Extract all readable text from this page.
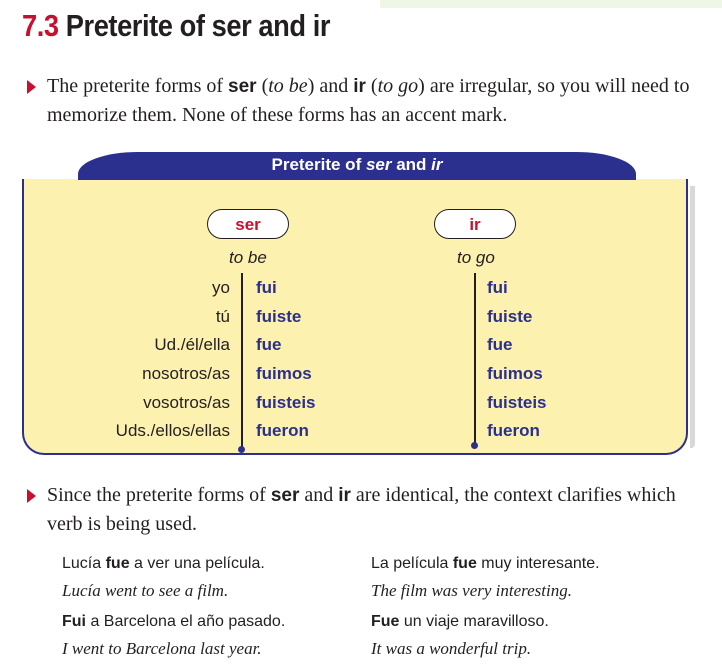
7.3 Preterite of ser and ir
The preterite forms of ser (to be) and ir (to go) are irregular, so you will need to memorize them. None of these forms has an accent mark.
Preterite of ser and ir
ser	ir
to be	to go
yo
tú
Ud./él/ella
nosotros/as
vosotros/as
Uds./ellos/ellas
fui
fuiste
fue
fuimos
fuisteis
fueron
fui
fuiste
fue
fuimos
fuisteis
fueron
Since the preterite forms of ser and ir are identical, the context clarifies which verb is being used.
Lucía fue a ver una película.
Lucía went to see a film.
La película fue muy interesante.
The film was very interesting.
Fui a Barcelona el año pasado.
I went to Barcelona last year.
Fue un viaje maravilloso.
It was a wonderful trip.
